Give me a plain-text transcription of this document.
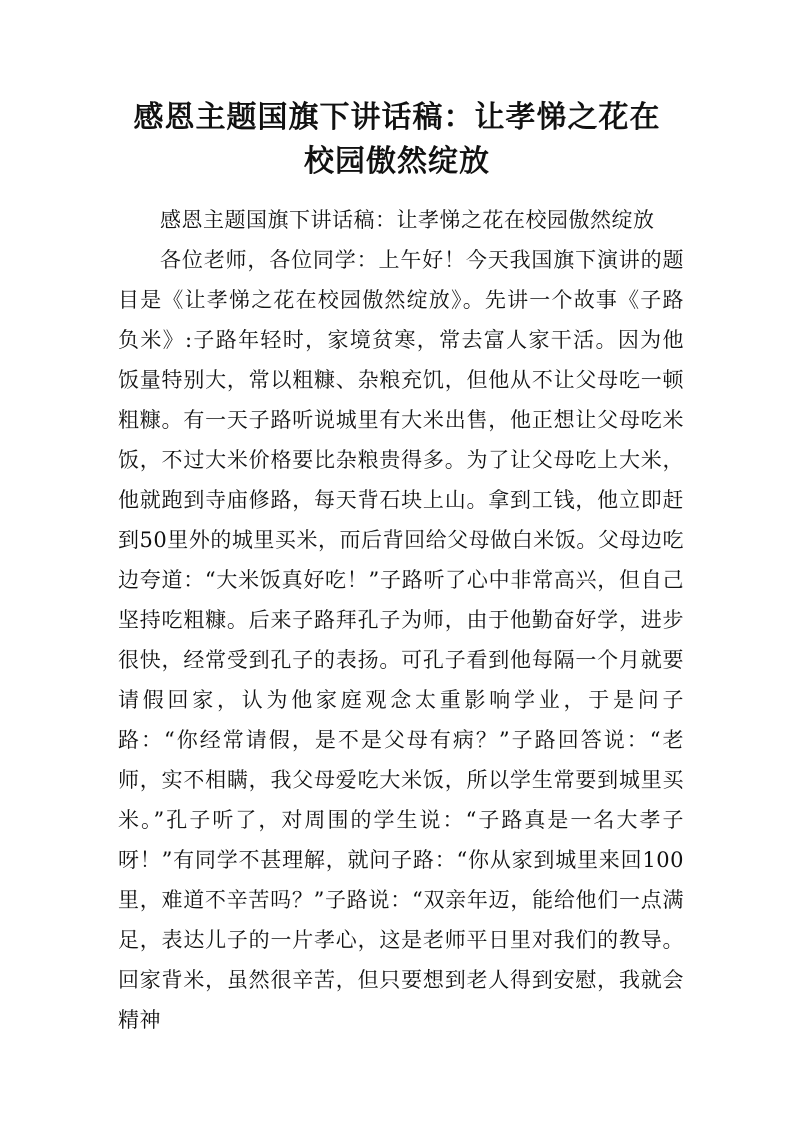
感恩主题国旗下讲话稿：让孝悌之花在
校园傲然绽放

感恩主题国旗下讲话稿：让孝悌之花在校园傲然绽放

各位老师，各位同学：上午好！今天我国旗下演讲的题目是《让孝悌之花在校园傲然绽放》。先讲一个故事《子路负米》:子路年轻时，家境贫寒，常去富人家干活。因为他饭量特别大，常以粗糠、杂粮充饥，但他从不让父母吃一顿粗糠。有一天子路听说城里有大米出售，他正想让父母吃米饭，不过大米价格要比杂粮贵得多。为了让父母吃上大米，他就跑到寺庙修路，每天背石块上山。拿到工钱，他立即赶到50里外的城里买米，而后背回给父母做白米饭。父母边吃边夸道：“大米饭真好吃！”子路听了心中非常高兴，但自己坚持吃粗糠。后来子路拜孔子为师，由于他勤奋好学，进步很快，经常受到孔子的表扬。可孔子看到他每隔一个月就要请假回家，认为他家庭观念太重影响学业，于是问子路：“你经常请假，是不是父母有病？”子路回答说：“老师，实不相瞒，我父母爱吃大米饭，所以学生常要到城里买米。”孔子听了，对周围的学生说：“子路真是一名大孝子呀！”有同学不甚理解，就问子路：“你从家到城里来回100里，难道不辛苦吗？”子路说：“双亲年迈，能给他们一点满足，表达儿子的一片孝心，这是老师平日里对我们的教导。回家背米，虽然很辛苦，但只要想到老人得到安慰，我就会精神
